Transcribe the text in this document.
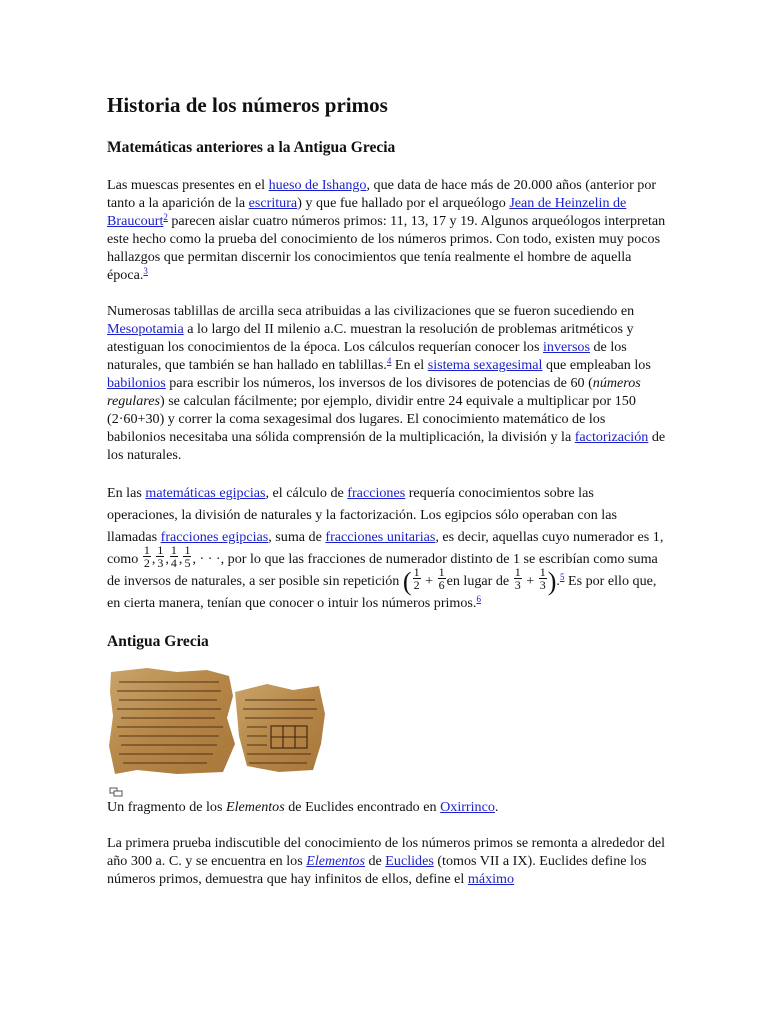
Historia de los números primos
Matemáticas anteriores a la Antigua Grecia

Las muescas presentes en el hueso de Ishango, que data de hace más de 20.000 años (anterior por tanto a la aparición de la escritura) y que fue hallado por el arqueólogo Jean de Heinzelin de Braucourt$^2$ parecen aislar cuatro números primos: 11, 13, 17 y 19. Algunos arqueólogos interpretan este hecho como la prueba del conocimiento de los números primos. Con todo, existen muy pocos hallazgos que permitan discernir los conocimientos que tenía realmente el hombre de aquella época.$^3$

Numerosas tablillas de arcilla seca atribuidas a las civilizaciones que se fueron sucediendo en Mesopotamia a lo largo del II milenio a.C. muestran la resolución de problemas aritméticos y atestiguan los conocimientos de la época. Los cálculos requerían conocer los inversos de los naturales, que también se han hallado en tablillas.$^4$ En el sistema sexagesimal que empleaban los babilonios para escribir los números, los inversos de los divisores de potencias de 60 (números regulares) se calculan fácilmente; por ejemplo, dividir entre 24 equivale a multiplicar por 150 (2·60+30) y correr la coma sexagesimal dos lugares. El conocimiento matemático de los babilonios necesitaba una sólida comprensión de la multiplicación, la división y la factorización de los naturales.

En las matemáticas egipcias, el cálculo de fracciones requería conocimientos sobre las operaciones, la división de naturales y la factorización. Los egipcios sólo operaban con las llamadas fracciones egipcias, suma de fracciones unitarias, es decir, aquellas cuyo numerador es 1, como $\frac{1}{2}$ , $\frac{1}{3}$ , $\frac{1}{4}$ , $\frac{1}{5}$ , · · ·, por lo que las fracciones de numerador distinto de 1 se escribían como suma de inversos de naturales, a ser posible sin repetición ( $\frac{1}{2} + \frac{1}{6}$ en lugar de $\frac{1}{3} + \frac{1}{3} ).^5$ Es por ello que, en cierta manera, tenían que conocer o intuir los números primos.$^6$

Antigua Grecia

Un fragmento de los Elementos de Euclides encontrado en Oxirrinco.

La primera prueba indiscutible del conocimiento de los números primos se remonta a alrededor del año 300 a. C. y se encuentra en los Elementos de Euclides (tomos VII a IX). Euclides define los números primos, demuestra que hay infinitos de ellos, define el máximo
